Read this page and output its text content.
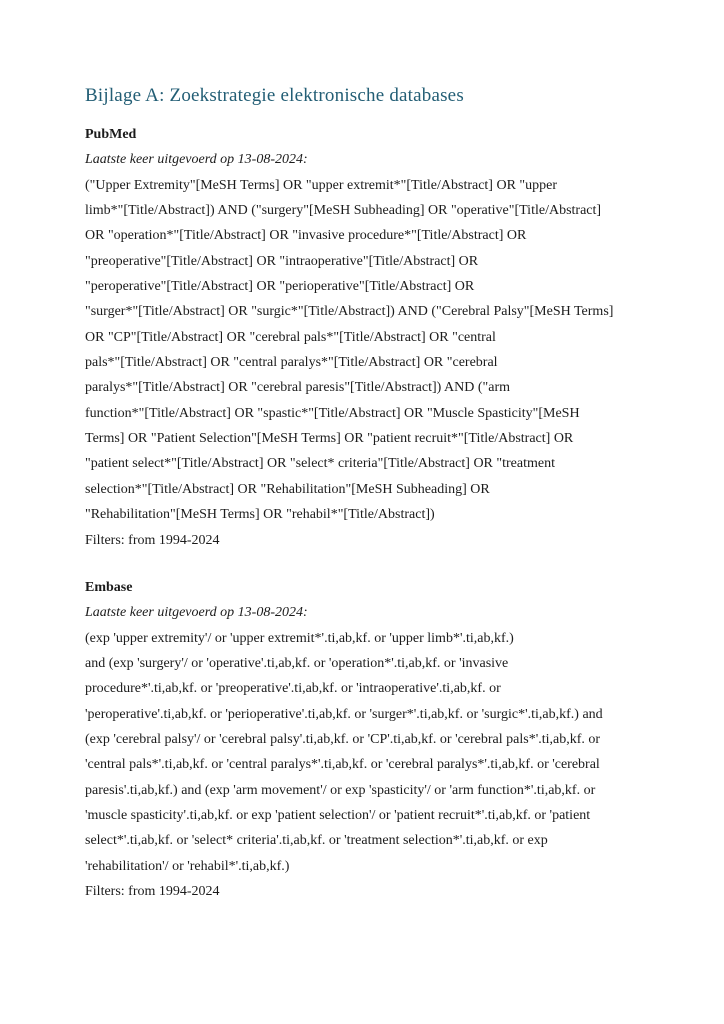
Bijlage A: Zoekstrategie elektronische databases
PubMed
Laatste keer uitgevoerd op 13-08-2024:
("Upper Extremity"[MeSH Terms] OR "upper extremit*"[Title/Abstract] OR "upper
limb*"[Title/Abstract]) AND ("surgery"[MeSH Subheading] OR "operative"[Title/Abstract]
OR "operation*"[Title/Abstract] OR "invasive procedure*"[Title/Abstract] OR
"preoperative"[Title/Abstract] OR "intraoperative"[Title/Abstract] OR
"peroperative"[Title/Abstract] OR "perioperative"[Title/Abstract] OR
"surger*"[Title/Abstract] OR "surgic*"[Title/Abstract]) AND ("Cerebral Palsy"[MeSH Terms]
OR "CP"[Title/Abstract] OR "cerebral pals*"[Title/Abstract] OR "central
pals*"[Title/Abstract] OR "central paralys*"[Title/Abstract] OR "cerebral
paralys*"[Title/Abstract] OR "cerebral paresis"[Title/Abstract]) AND ("arm
function*"[Title/Abstract] OR "spastic*"[Title/Abstract] OR "Muscle Spasticity"[MeSH
Terms] OR "Patient Selection"[MeSH Terms] OR "patient recruit*"[Title/Abstract] OR
"patient select*"[Title/Abstract] OR "select* criteria"[Title/Abstract] OR "treatment
selection*"[Title/Abstract] OR "Rehabilitation"[MeSH Subheading] OR
"Rehabilitation"[MeSH Terms] OR "rehabil*"[Title/Abstract])
Filters: from 1994-2024
Embase
Laatste keer uitgevoerd op 13-08-2024:
(exp 'upper extremity'/ or 'upper extremit*'.ti,ab,kf. or 'upper limb*'.ti,ab,kf.)
and (exp 'surgery'/ or 'operative'.ti,ab,kf. or 'operation*'.ti,ab,kf. or 'invasive
procedure*'.ti,ab,kf. or 'preoperative'.ti,ab,kf. or 'intraoperative'.ti,ab,kf. or
'peroperative'.ti,ab,kf. or 'perioperative'.ti,ab,kf. or 'surger*'.ti,ab,kf. or 'surgic*'.ti,ab,kf.) and
(exp 'cerebral palsy'/ or 'cerebral palsy'.ti,ab,kf. or 'CP'.ti,ab,kf. or 'cerebral pals*'.ti,ab,kf. or
'central pals*'.ti,ab,kf. or 'central paralys*'.ti,ab,kf. or 'cerebral paralys*'.ti,ab,kf. or 'cerebral
paresis'.ti,ab,kf.) and (exp 'arm movement'/ or exp 'spasticity'/ or 'arm function*'.ti,ab,kf. or
'muscle spasticity'.ti,ab,kf. or exp 'patient selection'/ or 'patient recruit*'.ti,ab,kf. or 'patient
select*'.ti,ab,kf. or 'select* criteria'.ti,ab,kf. or 'treatment selection*'.ti,ab,kf. or exp
'rehabilitation'/ or 'rehabil*'.ti,ab,kf.)
Filters: from 1994-2024
